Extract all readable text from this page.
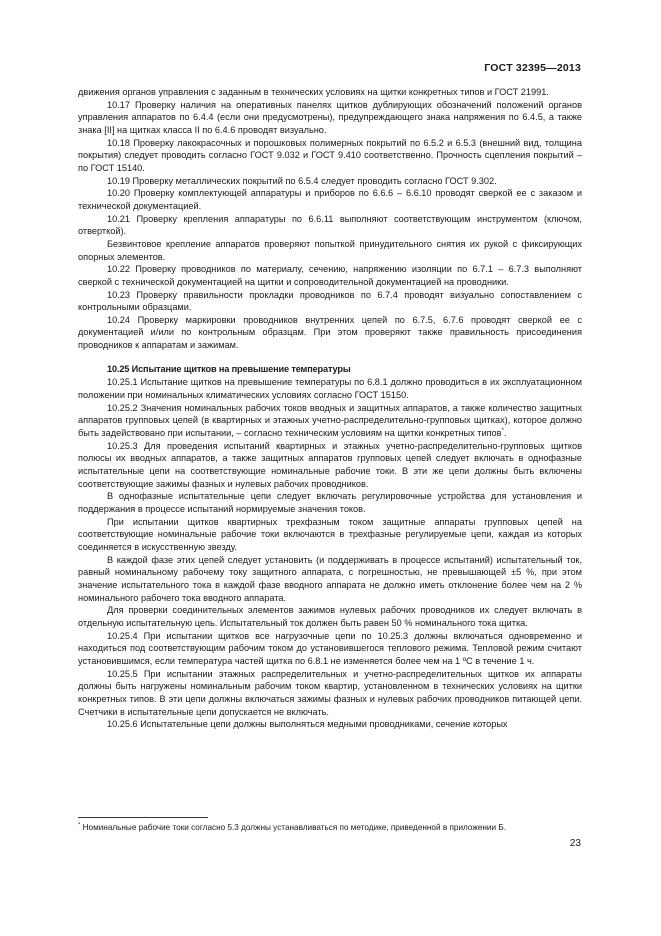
ГОСТ 32395—2013

движения органов управления с заданным в технических условиях на щитки конкретных типов и ГОСТ 21991.

10.17 Проверку наличия на оперативных панелях щитков дублирующих обозначений положений органов управления аппаратов по 6.4.4 (если они предусмотрены), предупреждающего знака напряжения по 6.4.5, а также знака [II] на щитках класса II по 6.4.6 проводят визуально.

10.18 Проверку лакокрасочных и порошковых полимерных покрытий по 6.5.2 и 6.5.3 (внешний вид, толщина покрытия) следует проводить согласно ГОСТ 9.032 и ГОСТ 9.410 соответственно. Прочность сцепления покрытий – по ГОСТ 15140.

10.19 Проверку металлических покрытий по 6.5.4 следует проводить согласно ГОСТ 9.302.

10.20 Проверку комплектующей аппаратуры и приборов по 6.6.6 – 6.6.10 проводят сверкой ее с заказом и технической документацией.

10.21 Проверку крепления аппаратуры по 6.6.11 выполняют соответствующим инструментом (ключом, отверткой).

Безвинтовое крепление аппаратов проверяют попыткой принудительного снятия их рукой с фиксирующих опорных элементов.

10.22 Проверку проводников по материалу, сечению, напряжению изоляции по 6.7.1 – 6.7.3 выполняют сверкой с технической документацией на щитки и сопроводительной документацией на проводники.

10.23 Проверку правильности прокладки проводников по 6.7.4 проводят визуально сопоставлением с контрольными образцами.

10.24 Проверку маркировки проводников внутренних цепей по 6.7.5, 6.7.6 проводят сверкой ее с документацией и/или по контрольным образцам. При этом проверяют также правильность присоединения проводников к аппаратам и зажимам.

10.25 Испытание щитков на превышение температуры

10.25.1 Испытание щитков на превышение температуры по 6.8.1 должно проводиться в их эксплуатационном положении при номинальных климатических условиях согласно ГОСТ 15150.

10.25.2 Значения номинальных рабочих токов вводных и защитных аппаратов, а также количество защитных аппаратов групповых цепей (в квартирных и этажных учетно-распределительно-групповых щитках), которое должно быть задействовано при испытании, – согласно техническим условиям на щитки конкретных типов*.

10.25.3 Для проведения испытаний квартирных и этажных учетно-распределительно-групповых щитков полюсы их вводных аппаратов, а также защитных аппаратов групповых цепей следует включать в однофазные испытательные цепи на соответствующие номинальные рабочие токи. В эти же цепи должны быть включены соответствующие зажимы фазных и нулевых рабочих проводников.

В однофазные испытательные цепи следует включать регулировочные устройства для установления и поддержания в процессе испытаний нормируемые значения токов.

При испытании щитков квартирных трехфазным током защитные аппараты групповых цепей на соответствующие номинальные рабочие токи включаются в трехфазные регулируемые цепи, каждая из которых соединяется в искусственную звезду.

В каждой фазе этих цепей следует установить (и поддерживать в процессе испытаний) испытательный ток, равный номинальному рабочему току защитного аппарата, с погрешностью, не превышающей ±5 %, при этом значение испытательного тока в каждой фазе вводного аппарата не должно иметь отклонение более чем на 2 % номинального рабочего тока вводного аппарата.

Для проверки соединительных элементов зажимов нулевых рабочих проводников их следует включать в отдельную испытательную цепь. Испытательный ток должен быть равен 50 % номинального тока щитка.

10.25.4 При испытании щитков все нагрузочные цепи по 10.25.3 должны включаться одновременно и находиться под соответствующим рабочим током до установившегося теплового режима. Тепловой режим считают установившимся, если температура частей щитка по 6.8.1 не изменяется более чем на 1 ºС в течение 1 ч.

10.25.5 При испытании этажных распределительных и учетно-распределительных щитков их аппараты должны быть нагружены номинальным рабочим током квартир, установленном в технических условиях на щитки конкретных типов. В эти цепи должны включаться зажимы фазных и нулевых рабочих проводников питающей цепи. Счетчики в испытательные цепи допускается не включать.

10.25.6 Испытательные цепи должны выполняться медными проводниками, сечение которых

* Номинальные рабочие токи согласно 5.3 должны устанавливаться по методике, приведенной в приложении Б.
23
